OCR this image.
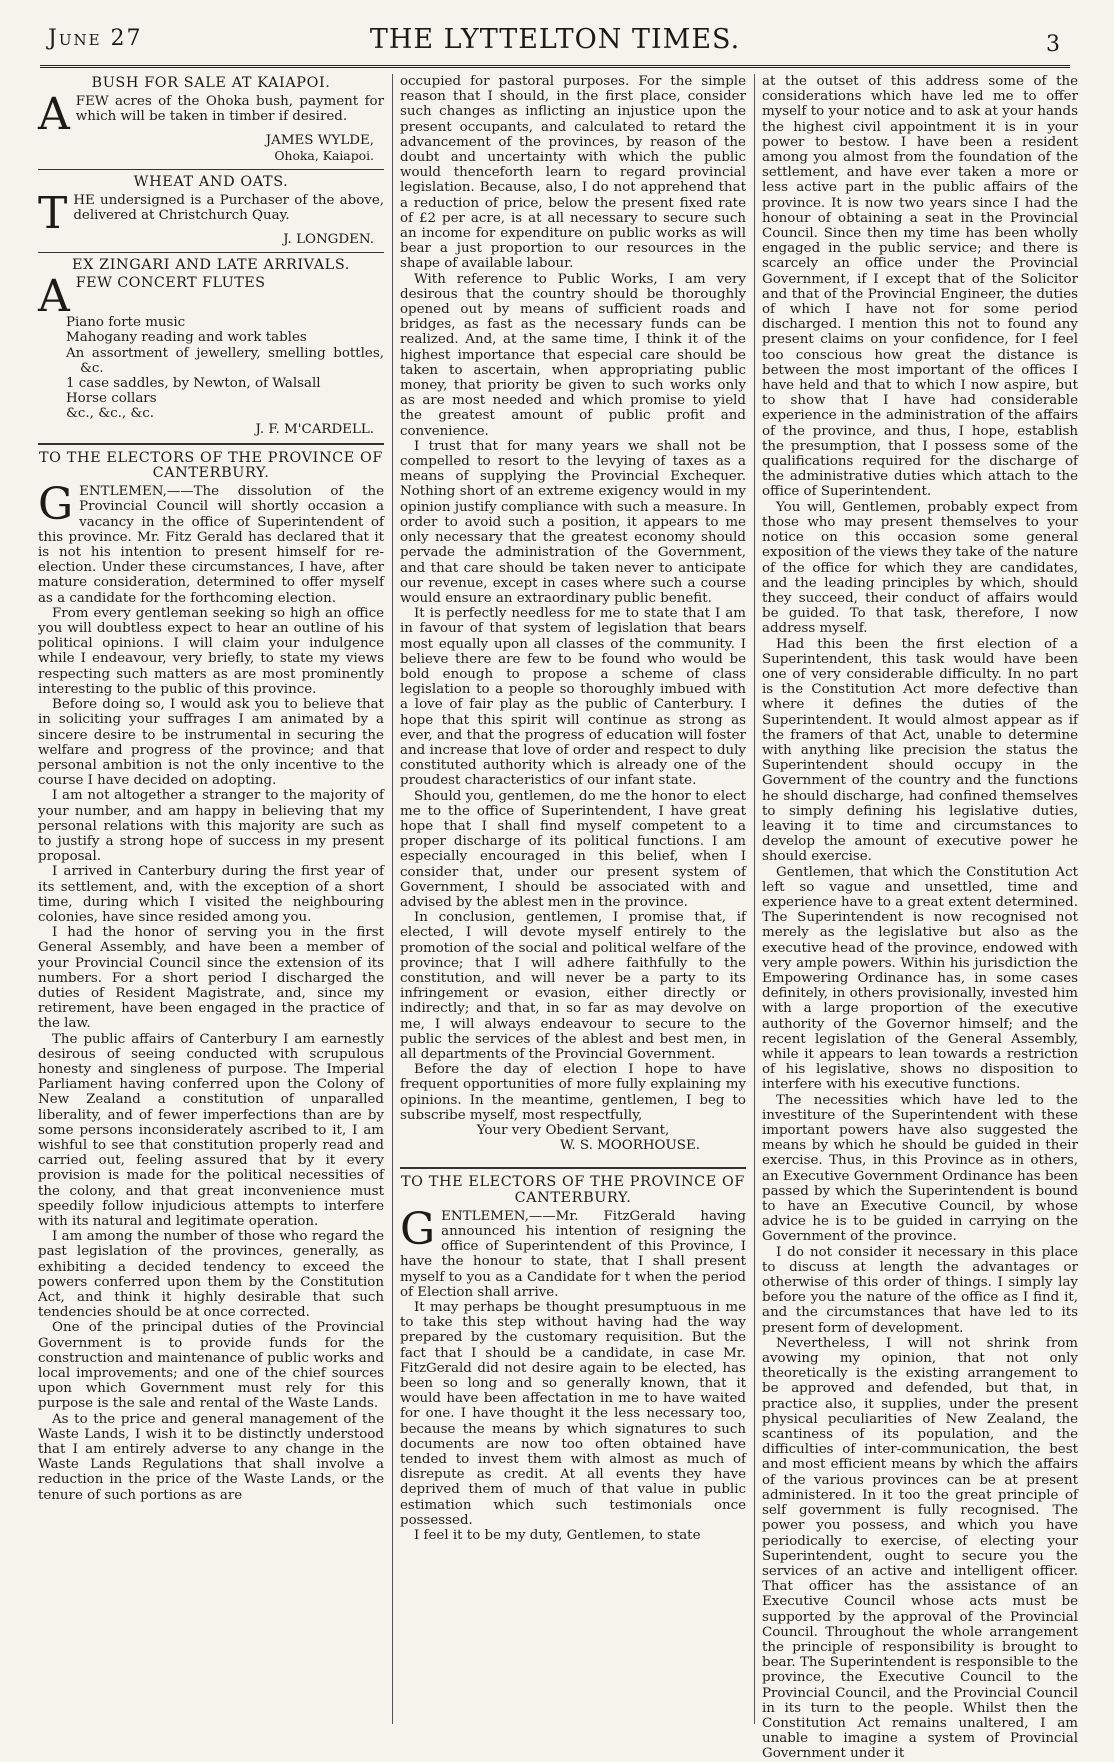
June 27	THE LYTTELTON TIMES.	3
BUSH FOR SALE AT KAIAPOI.

AFEW acres of the Ohoka bush, payment for which will be taken in timber if desired.

JAMES WYLDE,
Ohoka, Kaiapoi.
WHEAT AND OATS.

THE undersigned is a Purchaser of the above, delivered at Christchurch Quay.

J. LONGDEN.
EX ZINGARI AND LATE ARRIVALS.

AFEW CONCERT FLUTES

Piano forte music
Mahogany reading and work tables
An assortment of jewellery, smelling bottles, &c.
1 case saddles, by Newton, of Walsall
Horse collars
&c., &c., &c.
J. F. M'CARDELL.
TO THE ELECTORS OF THE PROVINCE OF CANTERBURY.

GENTLEMEN,——The dissolution of the Provincial Council will shortly occasion a vacancy in the office of Superintendent of this province. Mr. Fitz Gerald has declared that it is not his intention to present himself for re-election. Under these circumstances, I have, after mature consideration, determined to offer myself as a candidate for the forthcoming election.

From every gentleman seeking so high an office you will doubtless expect to hear an outline of his political opinions. I will claim your indulgence while I endeavour, very briefly, to state my views respecting such matters as are most prominently interesting to the public of this province.

Before doing so, I would ask you to believe that in soliciting your suffrages I am animated by a sincere desire to be instrumental in securing the welfare and progress of the province; and that personal ambition is not the only incentive to the course I have decided on adopting.

I am not altogether a stranger to the majority of your number, and am happy in believing that my personal relations with this majority are such as to justify a strong hope of success in my present proposal.

I arrived in Canterbury during the first year of its settlement, and, with the exception of a short time, during which I visited the neighbouring colonies, have since resided among you.

I had the honor of serving you in the first General Assembly, and have been a member of your Provincial Council since the extension of its numbers. For a short period I discharged the duties of Resident Magistrate, and, since my retirement, have been engaged in the practice of the law.

The public affairs of Canterbury I am earnestly desirous of seeing conducted with scrupulous honesty and singleness of purpose. The Imperial Parliament having conferred upon the Colony of New Zealand a constitution of unparalled liberality, and of fewer imperfections than are by some persons inconsiderately ascribed to it, I am wishful to see that constitution properly read and carried out, feeling assured that by it every provision is made for the political necessities of the colony, and that great inconvenience must speedily follow injudicious attempts to interfere with its natural and legitimate operation.

I am among the number of those who regard the past legislation of the provinces, generally, as exhibiting a decided tendency to exceed the powers conferred upon them by the Constitution Act, and think it highly desirable that such tendencies should be at once corrected.

One of the principal duties of the Provincial Government is to provide funds for the construction and maintenance of public works and local improvements; and one of the chief sources upon which Government must rely for this purpose is the sale and rental of the Waste Lands.

As to the price and general management of the Waste Lands, I wish it to be distinctly understood that I am entirely adverse to any change in the Waste Lands Regulations that shall involve a reduction in the price of the Waste Lands, or the tenure of such portions as are

occupied for pastoral purposes. For the simple reason that I should, in the first place, consider such changes as inflicting an injustice upon the present occupants, and calculated to retard the advancement of the provinces, by reason of the doubt and uncertainty with which the public would thenceforth learn to regard provincial legislation. Because, also, I do not apprehend that a reduction of price, below the present fixed rate of £2 per acre, is at all necessary to secure such an income for expenditure on public works as will bear a just proportion to our resources in the shape of available labour.

With reference to Public Works, I am very desirous that the country should be thoroughly opened out by means of sufficient roads and bridges, as fast as the necessary funds can be realized. And, at the same time, I think it of the highest importance that especial care should be taken to ascertain, when appropriating public money, that priority be given to such works only as are most needed and which promise to yield the greatest amount of public profit and convenience.

I trust that for many years we shall not be compelled to resort to the levying of taxes as a means of supplying the Provincial Exchequer. Nothing short of an extreme exigency would in my opinion justify compliance with such a measure. In order to avoid such a position, it appears to me only necessary that the greatest economy should pervade the administration of the Government, and that care should be taken never to anticipate our revenue, except in cases where such a course would ensure an extraordinary public benefit.

It is perfectly needless for me to state that I am in favour of that system of legislation that bears most equally upon all classes of the community. I believe there are few to be found who would be bold enough to propose a scheme of class legislation to a people so thoroughly imbued with a love of fair play as the public of Canterbury. I hope that this spirit will continue as strong as ever, and that the progress of education will foster and increase that love of order and respect to duly constituted authority which is already one of the proudest characteristics of our infant state.

Should you, gentlemen, do me the honor to elect me to the office of Superintendent, I have great hope that I shall find myself competent to a proper discharge of its political functions. I am especially encouraged in this belief, when I consider that, under our present system of Government, I should be associated with and advised by the ablest men in the province.

In conclusion, gentlemen, I promise that, if elected, I will devote myself entirely to the promotion of the social and political welfare of the province; that I will adhere faithfully to the constitution, and will never be a party to its infringement or evasion, either directly or indirectly; and that, in so far as may devolve on me, I will always endeavour to secure to the public the services of the ablest and best men, in all departments of the Provincial Government.

Before the day of election I hope to have frequent opportunities of more fully explaining my opinions. In the meantime, gentlemen, I beg to subscribe myself, most respectfully,

Your very Obedient Servant,
W. S. MOORHOUSE.
TO THE ELECTORS OF THE PROVINCE OF CANTERBURY.

GENTLEMEN,——Mr. FitzGerald having announced his intention of resigning the office of Superintendent of this Province, I have the honour to state, that I shall present myself to you as a Candidate for t when the period of Election shall arrive.

It may perhaps be thought presumptuous in me to take this step without having had the way prepared by the customary requisition. But the fact that I should be a candidate, in case Mr. FitzGerald did not desire again to be elected, has been so long and so generally known, that it would have been affectation in me to have waited for one. I have thought it the less necessary too, because the means by which signatures to such documents are now too often obtained have tended to invest them with almost as much of disrepute as credit. At all events they have deprived them of much of that value in public estimation which such testimonials once possessed.

I feel it to be my duty, Gentlemen, to state

at the outset of this address some of the considerations which have led me to offer myself to your notice and to ask at your hands the highest civil appointment it is in your power to bestow. I have been a resident among you almost from the foundation of the settlement, and have ever taken a more or less active part in the public affairs of the province. It is now two years since I had the honour of obtaining a seat in the Provincial Council. Since then my time has been wholly engaged in the public service; and there is scarcely an office under the Provincial Government, if I except that of the Solicitor and that of the Provincial Engineer, the duties of which I have not for some period discharged. I mention this not to found any present claims on your confidence, for I feel too conscious how great the distance is between the most important of the offices I have held and that to which I now aspire, but to show that I have had considerable experience in the administration of the affairs of the province, and thus, I hope, establish the presumption, that I possess some of the qualifications required for the discharge of the administrative duties which attach to the office of Superintendent.

You will, Gentlemen, probably expect from those who may present themselves to your notice on this occasion some general exposition of the views they take of the nature of the office for which they are candidates, and the leading principles by which, should they succeed, their conduct of affairs would be guided. To that task, therefore, I now address myself.

Had this been the first election of a Superintendent, this task would have been one of very considerable difficulty. In no part is the Constitution Act more defective than where it defines the duties of the Superintendent. It would almost appear as if the framers of that Act, unable to determine with anything like precision the status the Superintendent should occupy in the Government of the country and the functions he should discharge, had confined themselves to simply defining his legislative duties, leaving it to time and circumstances to develop the amount of executive power he should exercise.

Gentlemen, that which the Constitution Act left so vague and unsettled, time and experience have to a great extent determined. The Superintendent is now recognised not merely as the legislative but also as the executive head of the province, endowed with very ample powers. Within his jurisdiction the Empowering Ordinance has, in some cases definitely, in others provisionally, invested him with a large proportion of the executive authority of the Governor himself; and the recent legislation of the General Assembly, while it appears to lean towards a restriction of his legislative, shows no disposition to interfere with his executive functions.

The necessities which have led to the investiture of the Superintendent with these important powers have also suggested the means by which he should be guided in their exercise. Thus, in this Province as in others, an Executive Government Ordinance has been passed by which the Superintendent is bound to have an Executive Council, by whose advice he is to be guided in carrying on the Government of the province.

I do not consider it necessary in this place to discuss at length the advantages or otherwise of this order of things. I simply lay before you the nature of the office as I find it, and the circumstances that have led to its present form of development.

Nevertheless, I will not shrink from avowing my opinion, that not only theoretically is the existing arrangement to be approved and defended, but that, in practice also, it supplies, under the present physical peculiarities of New Zealand, the scantiness of its population, and the difficulties of inter-communication, the best and most efficient means by which the affairs of the various provinces can be at present administered. In it too the great principle of self government is fully recognised. The power you possess, and which you have periodically to exercise, of electing your Superintendent, ought to secure you the services of an active and intelligent officer. That officer has the assistance of an Executive Council whose acts must be supported by the approval of the Provincial Council. Throughout the whole arrangement the principle of responsibility is brought to bear. The Superintendent is responsible to the province, the Executive Council to the Provincial Council, and the Provincial Council in its turn to the people. Whilst then the Constitution Act remains unaltered, I am unable to imagine a system of Provincial Government under it
